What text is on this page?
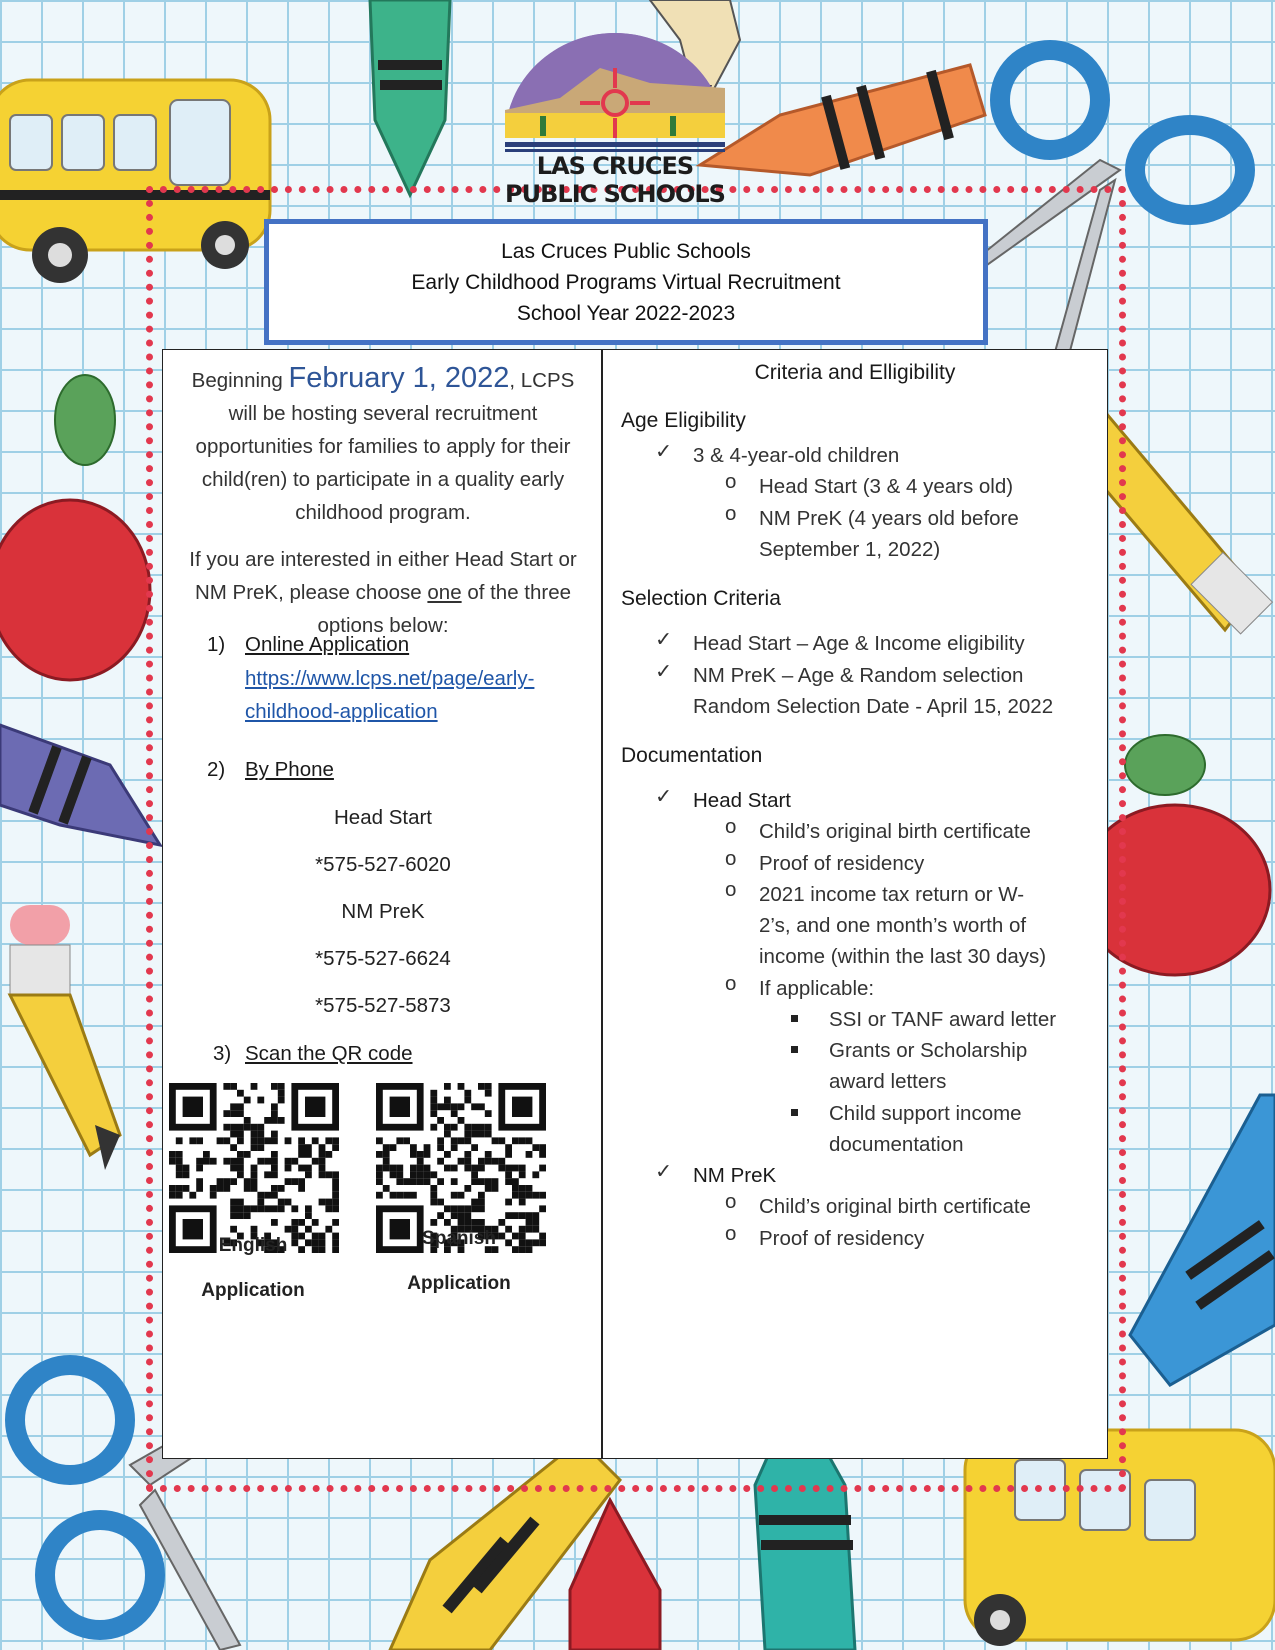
LAS CRUCES
PUBLIC SCHOOLS
Las Cruces Public Schools
Early Childhood Programs Virtual Recruitment
School Year 2022-2023

Beginning February 1, 2022, LCPS will be hosting several recruitment opportunities for families to apply for their child(ren) to participate in a quality early childhood program.

If you are interested in either Head Start or NM PreK, please choose one of the three options below:

1) Online Application
https://www.lcps.net/page/early-
childhood-application
2) By Phone
Head Start
*575-527-6020
NM PreK
*575-527-6624
*575-527-5873
3) Scan the QR code
English
Application
Spanish
Application
Criteria and Elligibility
Age Eligibility
✓ 3 & 4-year-old children
o Head Start (3 & 4 years old)
o NM PreK (4 years old before
September 1, 2022)
Selection Criteria
✓ Head Start – Age & Income eligibility
✓ NM PreK – Age & Random selection
Random Selection Date - April 15, 2022
Documentation
✓ Head Start
o Child’s original birth certificate
o Proof of residency
o 2021 income tax return or W-
2’s, and one month’s worth of
income (within the last 30 days)
o If applicable:
SSI or TANF award letter
Grants or Scholarship
award letters
Child support income
documentation
✓ NM PreK
o Child’s original birth certificate
o Proof of residency
